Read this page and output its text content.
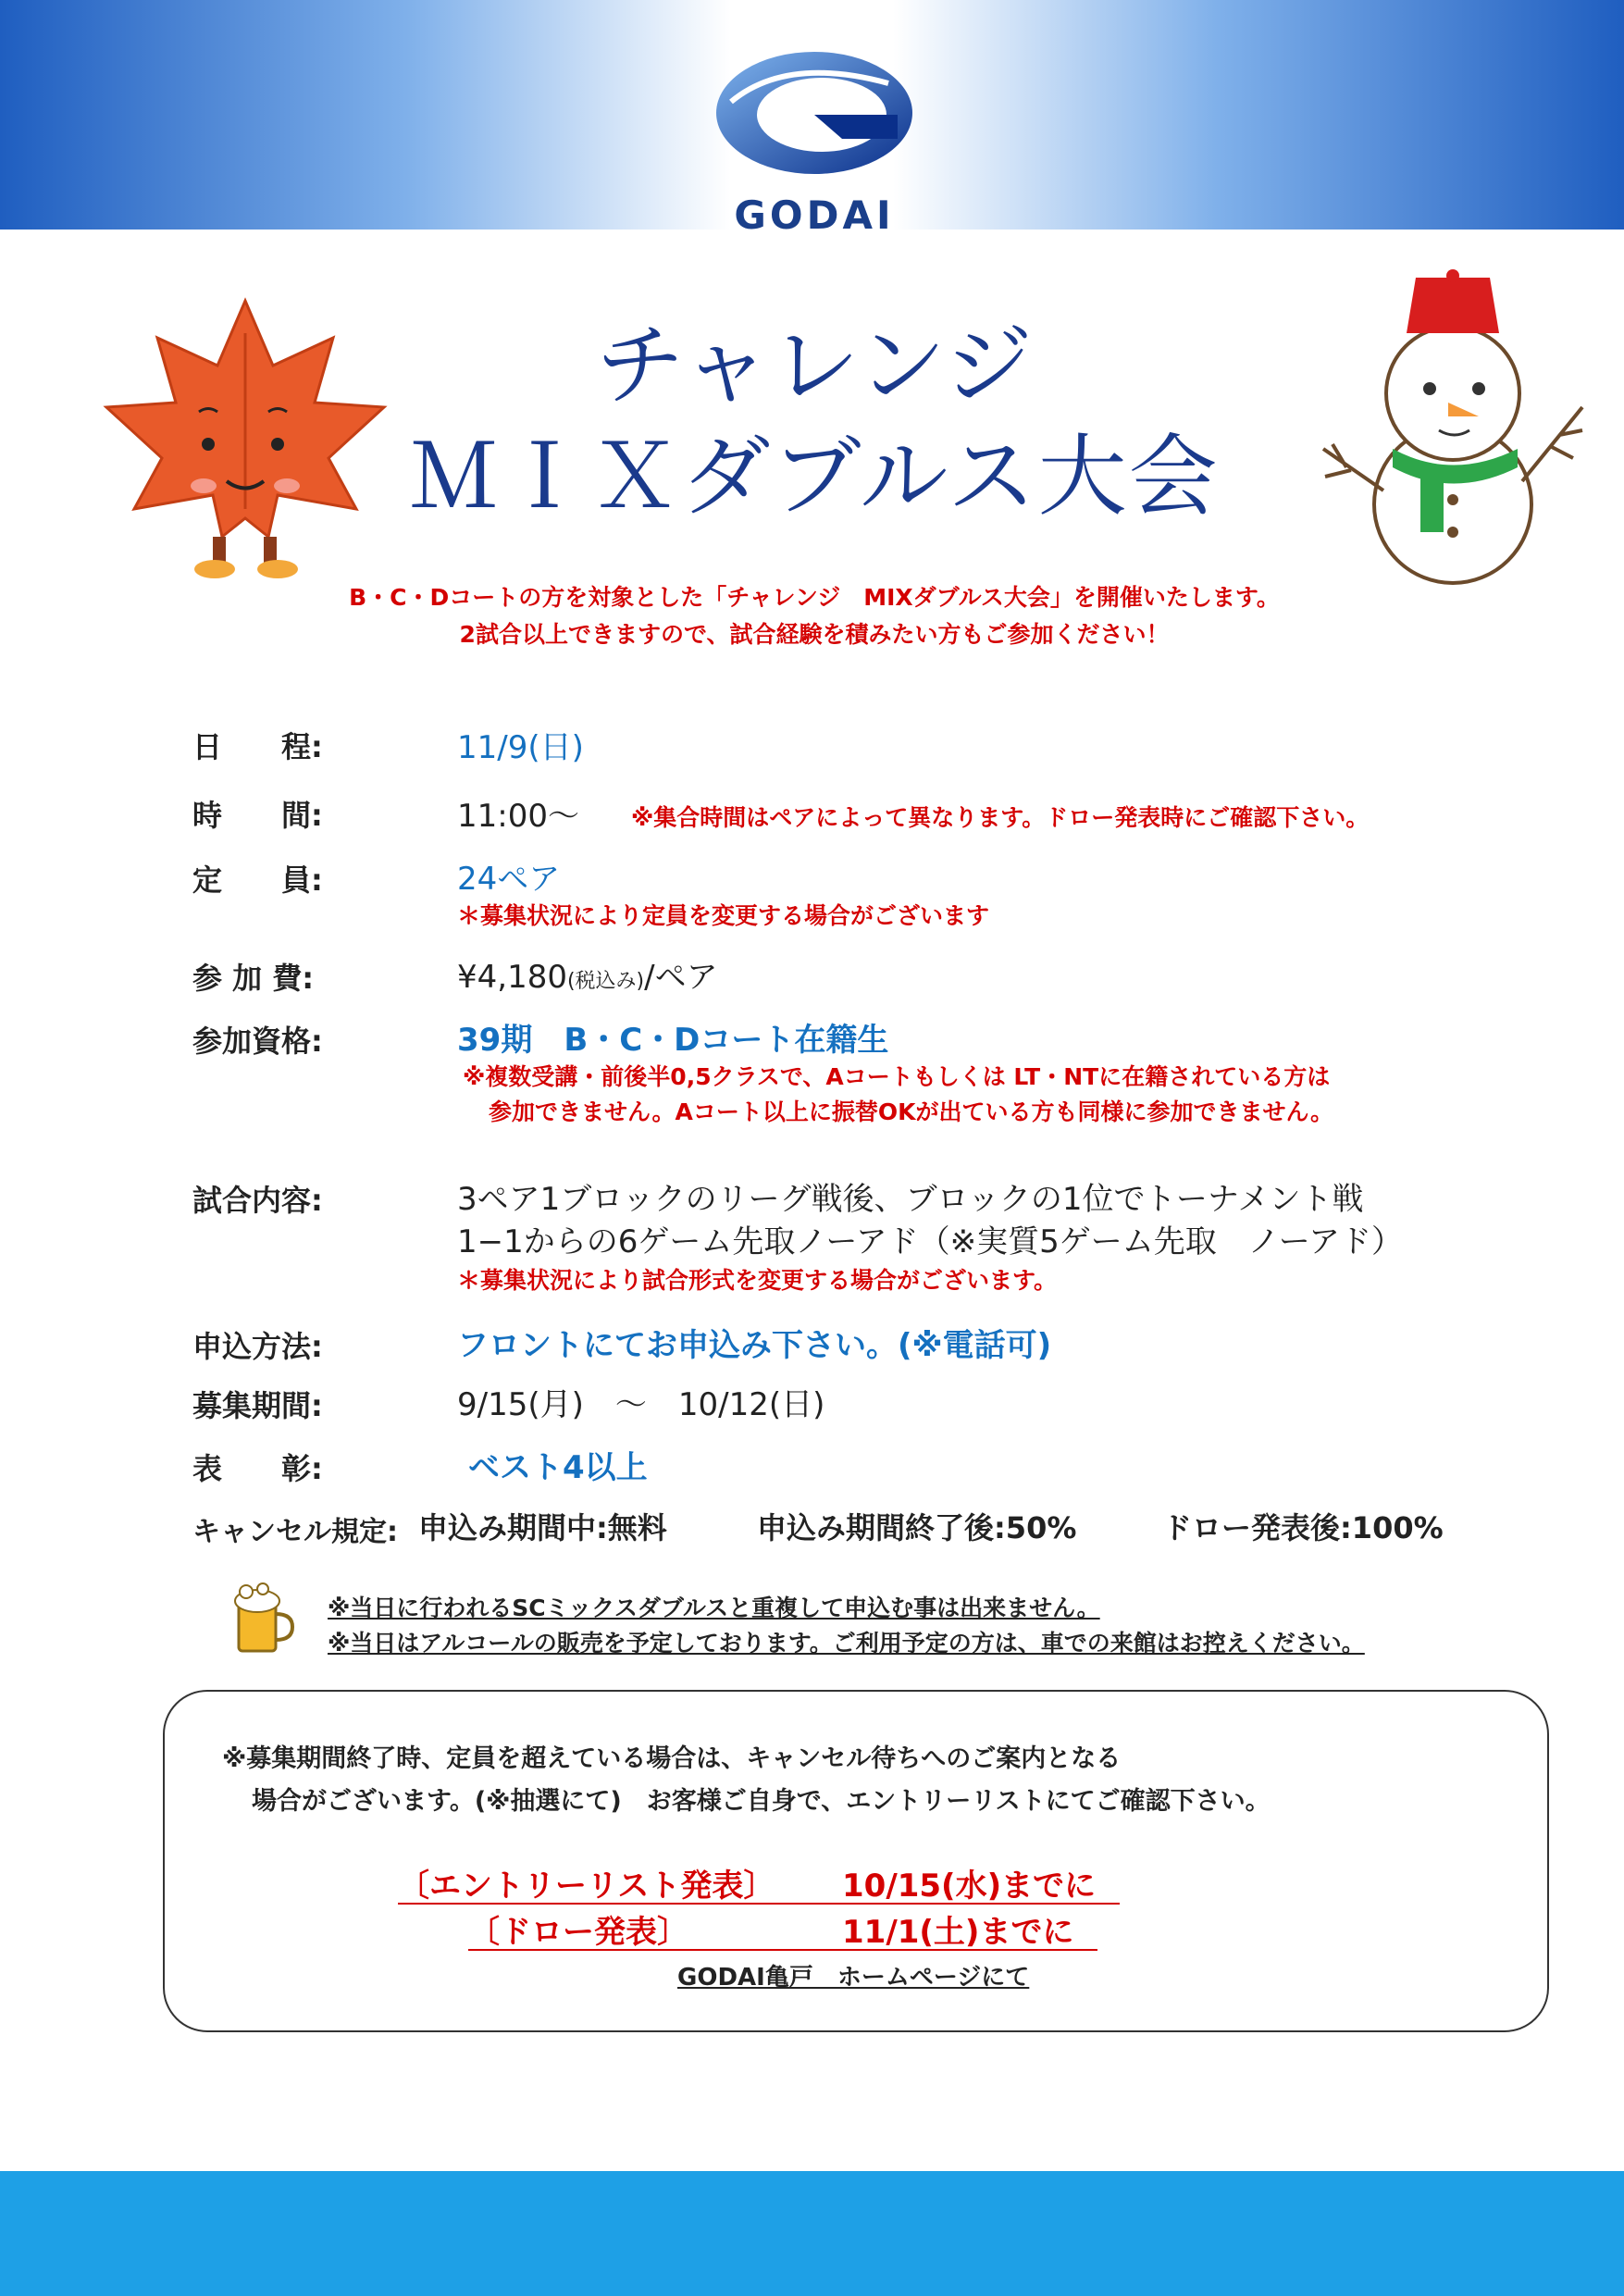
GODAI
チャレンジ
ＭＩＸダブルス大会
B・C・Dコートの方を対象とした「チャレンジ　MIXダブルス大会」を開催いたします。
2試合以上できますので、試合経験を積みたい方もご参加ください！
日　　程:	11/9(日)
時　　間:	11:00〜 ※集合時間はペアによって異なります。ドロー発表時にご確認下さい。
定　　員:	24ペア
＊募集状況により定員を変更する場合がございます
参 加 費:	¥4,180(税込み)/ペア
参加資格:	39期　B・C・Dコート在籍生
※複数受講・前後半0,5クラスで、Aコートもしくは LT・NTに在籍されている方は
参加できません。Aコート以上に振替OKが出ている方も同様に参加できません。
試合内容:	3ペア1ブロックのリーグ戦後、ブロックの1位でトーナメント戦
1−1からの6ゲーム先取ノーアド（※実質5ゲーム先取　ノーアド）
＊募集状況により試合形式を変更する場合がございます。
申込方法:	フロントにてお申込み下さい。(※電話可)
募集期間:	9/15(月)　〜　10/12(日)
表　　彰:	ベスト4以上
キャンセル規定: 申込み期間中:無料	申込み期間終了後:50%	ドロー発表後:100%
※当日に行われるSCミックスダブルスと重複して申込む事は出来ません。
※当日はアルコールの販売を予定しております。ご利用予定の方は、車での来館はお控えください。
※募集期間終了時、定員を超えている場合は、キャンセル待ちへのご案内となる
場合がございます。(※抽選にて)　お客様ご自身で、エントリーリストにてご確認下さい。
〔エントリーリスト発表〕 10/15(水)までに
〔ドロー発表〕	11/1(土)までに
GODAI亀戸　ホームページにて
